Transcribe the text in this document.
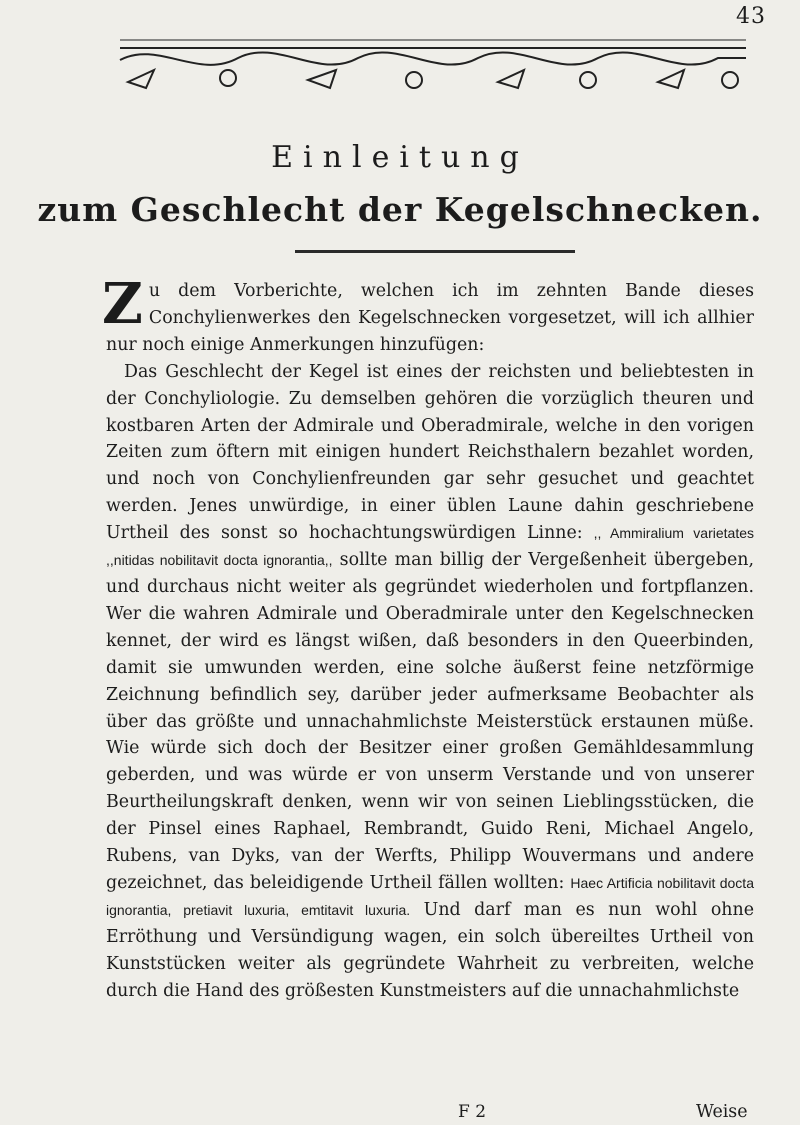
43
Einleitung
zum Geschlecht der Kegelschnecken.

Zu dem Vorberichte, welchen ich im zehnten Bande dieses Conchylienwerkes den Kegelschnecken vorgesetzet, will ich allhier nur noch einige Anmerkungen hinzufügen:

Das Geschlecht der Kegel ist eines der reichsten und beliebtesten in der Conchyliologie. Zu demselben gehören die vorzüglich theuren und kostbaren Arten der Admirale und Oberadmirale, welche in den vorigen Zeiten zum öftern mit einigen hundert Reichsthalern bezahlet worden, und noch von Conchylienfreunden gar sehr gesuchet und geachtet werden. Jenes unwürdige, in einer üblen Laune dahin geschriebene Urtheil des sonst so hochachtungswürdigen Linne: ,, Ammiralium varietates ,,nitidas nobilitavit docta ignorantia,, sollte man billig der Vergeßenheit übergeben, und durchaus nicht weiter als gegründet wiederholen und fortpflanzen. Wer die wahren Admirale und Oberadmirale unter den Kegelschnecken kennet, der wird es längst wißen, daß besonders in den Queerbinden, damit sie umwunden werden, eine solche äußerst feine netzförmige Zeichnung befindlich sey, darüber jeder aufmerksame Beobachter als über das größte und unnachahmlichste Meisterstück erstaunen müße. Wie würde sich doch der Besitzer einer großen Gemähldesammlung geberden, und was würde er von unserm Verstande und von unserer Beurtheilungskraft denken, wenn wir von seinen Lieblingsstücken, die der Pinsel eines Raphael, Rembrandt, Guido Reni, Michael Angelo, Rubens, van Dyks, van der Werfts, Philipp Wouvermans und andere gezeichnet, das beleidigende Urtheil fällen wollten: Haec Artificia nobilitavit docta ignorantia, pretiavit luxuria, emtitavit luxuria. Und darf man es nun wohl ohne Erröthung und Versündigung wagen, ein solch übereiltes Urtheil von Kunststücken weiter als gegründete Wahrheit zu verbreiten, welche durch die Hand des größesten Kunstmeisters auf die unnachahmlichste

F 2	Weise
